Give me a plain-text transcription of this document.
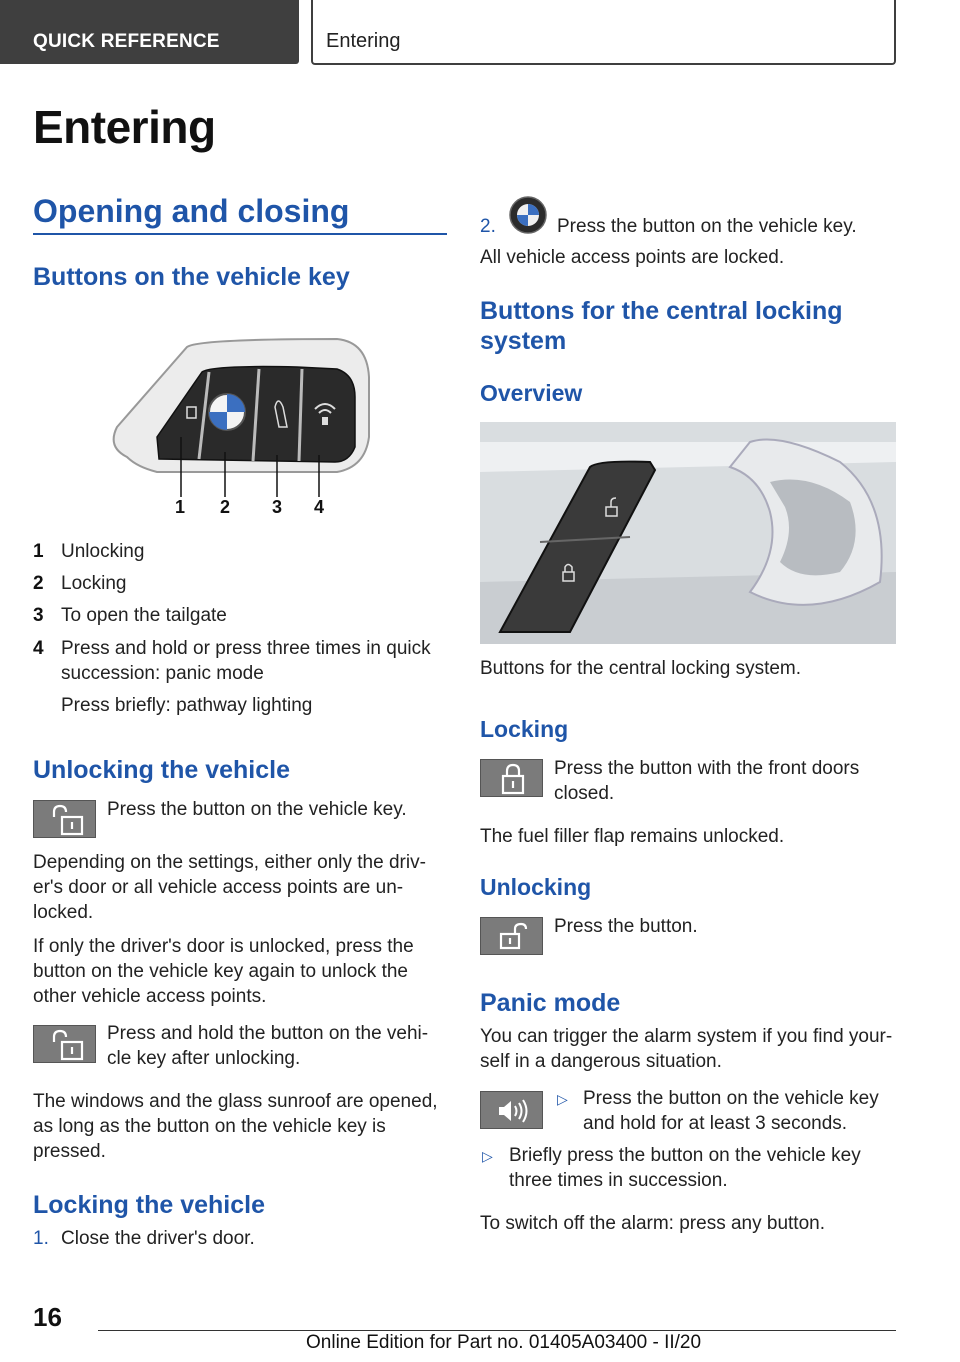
QUICK REFERENCE	Entering
Entering
Opening and closing
Buttons on the vehicle key
1 2 3 4
1 Unlocking
2 Locking
3 To open the tailgate
4 Press and hold or press three times in quick
succession: panic mode
Press briefly: pathway lighting
Unlocking the vehicle
Press the button on the vehicle key.
Depending on the settings, either only the driv-
er's door or all vehicle access points are un-
locked.
If only the driver's door is unlocked, press the
button on the vehicle key again to unlock the
other vehicle access points.
Press and hold the button on the vehi-
cle key after unlocking.
The windows and the glass sunroof are opened,
as long as the button on the vehicle key is
pressed.
Locking the vehicle
1. Close the driver's door.
2.	Press the button on the vehicle key.
All vehicle access points are locked.
Buttons for the central locking
system
Overview
Buttons for the central locking system.
Locking
Press the button with the front doors
closed.
The fuel filler flap remains unlocked.
Unlocking
Press the button.
Panic mode
You can trigger the alarm system if you find your-
self in a dangerous situation.
▷ Press the button on the vehicle key
and hold for at least 3 seconds.
▷ Briefly press the button on the vehicle key
three times in succession.
To switch off the alarm: press any button.
16
Online Edition for Part no. 01405A03400 - II/20
